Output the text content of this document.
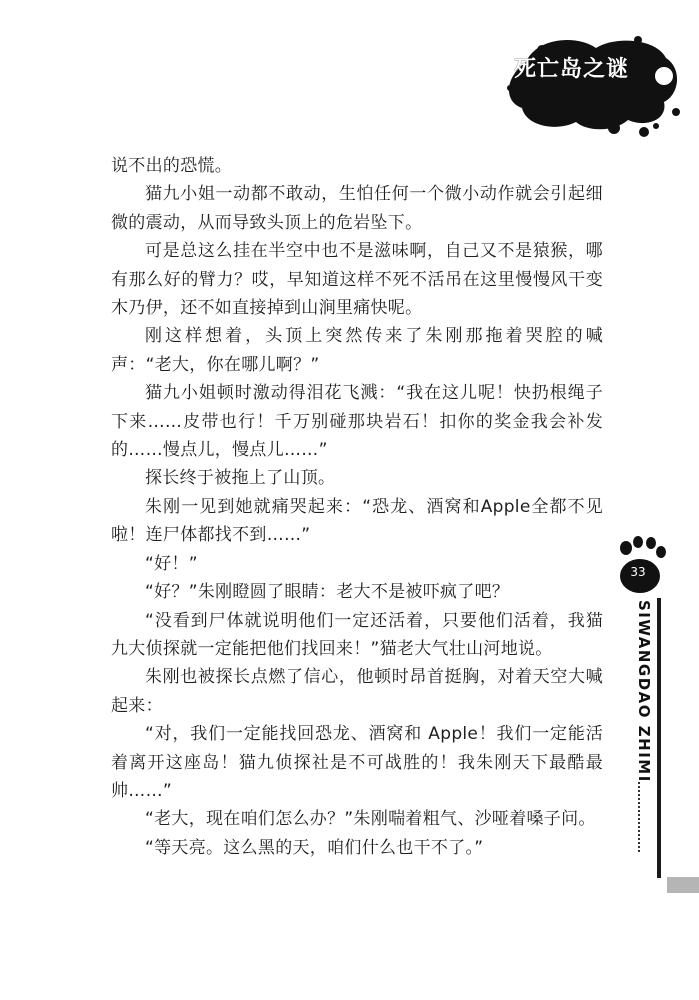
死亡岛之谜

说不出的恐慌。

猫九小姐一动都不敢动，生怕任何一个微小动作就会引起细微的震动，从而导致头顶上的危岩坠下。

可是总这么挂在半空中也不是滋味啊，自己又不是猿猴，哪有那么好的臂力？哎，早知道这样不死不活吊在这里慢慢风干变木乃伊，还不如直接掉到山涧里痛快呢。

刚这样想着，头顶上突然传来了朱刚那拖着哭腔的喊声：“老大，你在哪儿啊？”

猫九小姐顿时激动得泪花飞溅：“我在这儿呢！快扔根绳子下来……皮带也行！千万别碰那块岩石！扣你的奖金我会补发的……慢点儿，慢点儿……”

探长终于被拖上了山顶。

朱刚一见到她就痛哭起来：“恐龙、酒窝和Apple全都不见啦！连尸体都找不到……”

“好！”

“好？”朱刚瞪圆了眼睛：老大不是被吓疯了吧？

“没看到尸体就说明他们一定还活着，只要他们活着，我猫九大侦探就一定能把他们找回来！”猫老大气壮山河地说。

朱刚也被探长点燃了信心，他顿时昂首挺胸，对着天空大喊起来：

“对，我们一定能找回恐龙、酒窝和 Apple！我们一定能活着离开这座岛！猫九侦探社是不可战胜的！我朱刚天下最酷最帅……”

“老大，现在咱们怎么办？”朱刚喘着粗气、沙哑着嗓子问。

“等天亮。这么黑的天，咱们什么也干不了。”

33
SIWANGDAO ZHIMI
